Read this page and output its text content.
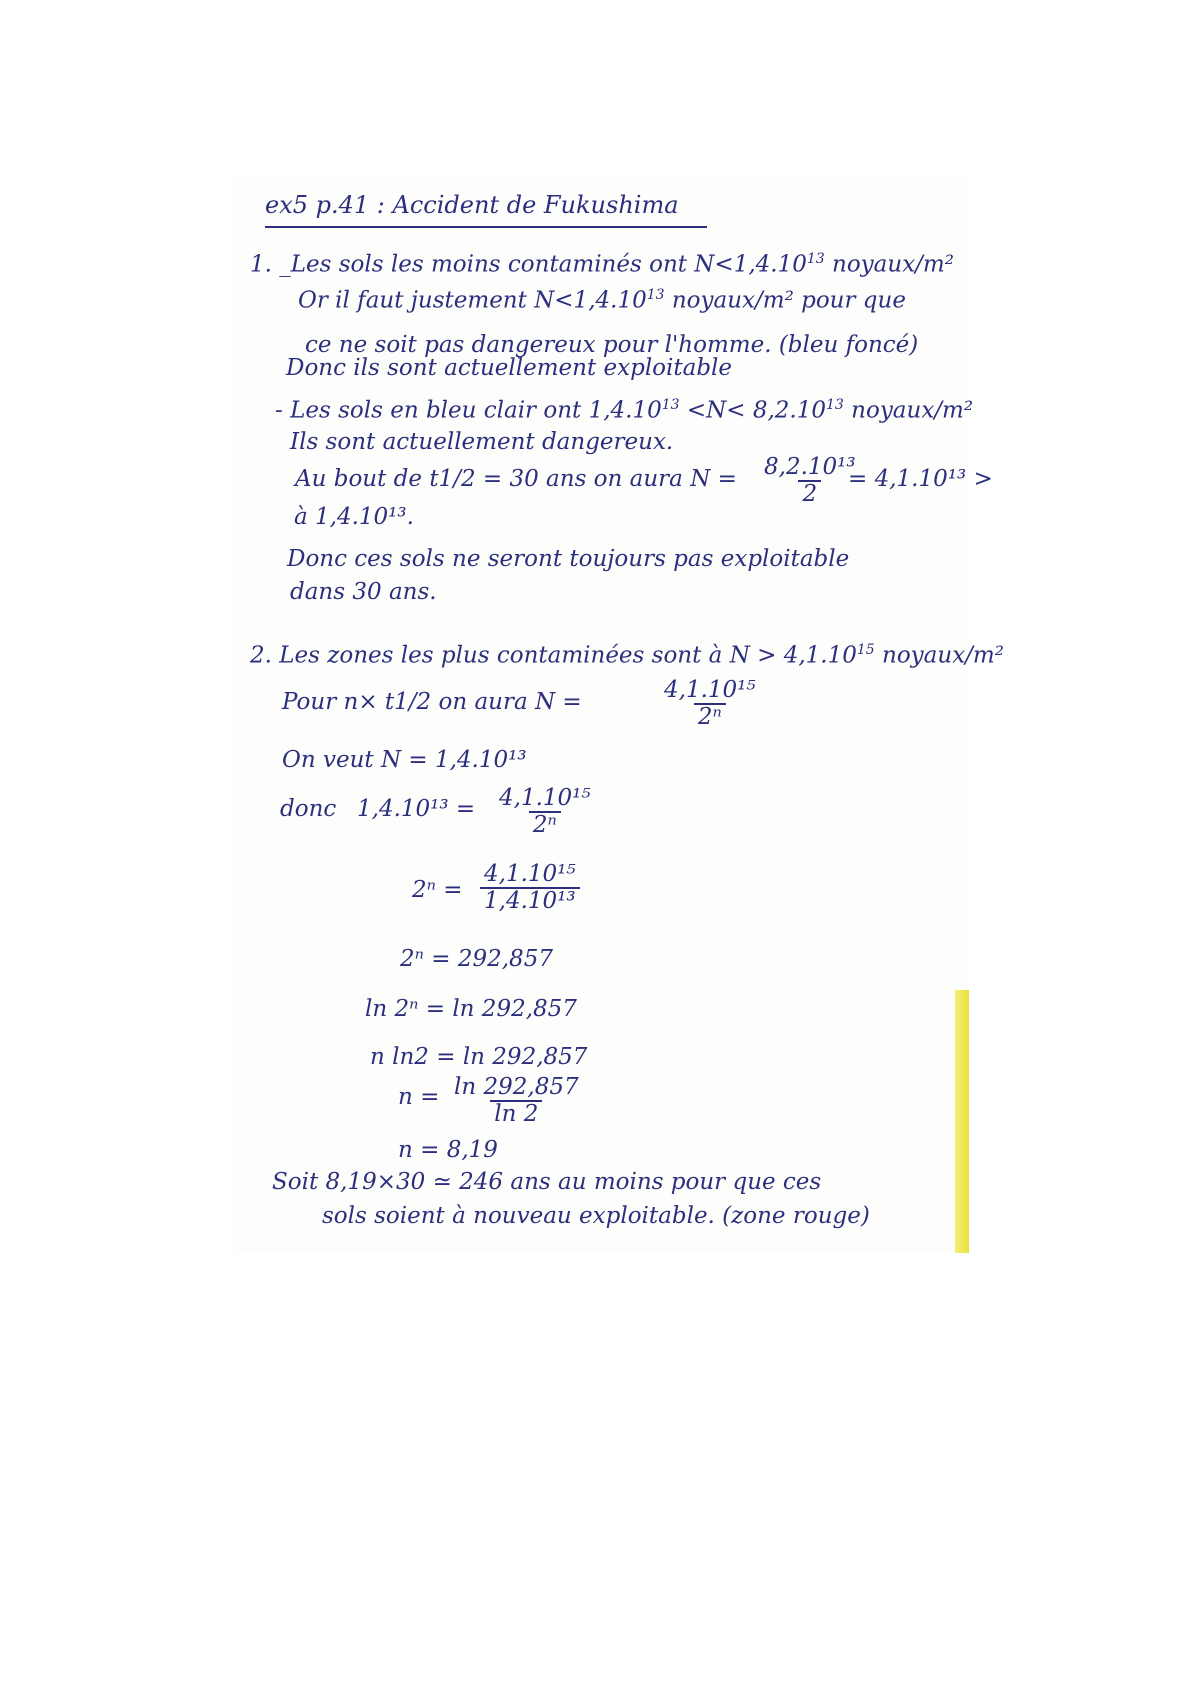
ex5 p.41 : Accident de Fukushima
1. _Les sols les moins contaminés ont $N<1,4.10^{13}$ noyaux/m²
Or il faut justement $N<1,4.10^{13}$ noyaux/m² pour que
ce ne soit pas dangereux pour l'homme. (bleu foncé)
Donc ils sont actuellement exploitable
- Les sols en bleu clair ont $1,4.10^{13} <N< 8,2.10^{13}$ noyaux/m²
Ils sont actuellement dangereux.
Au bout de t1/2 = 30 ans on aura $N = \frac{\text{8,2.10¹³}}{2}$
= 4,1.10¹³ >
à 1,4.10¹³.
Donc ces sols ne seront toujours pas exploitable
dans 30 ans.
2. Les zones les plus contaminées sont à $N > 4,1.10^{15}$ noyaux/m²
Pour n× t1/2 on aura N =	$\frac{\text{4,1.10¹⁵}}{\text{2ⁿ}}$
On veut N = 1,4.10¹³
donc $1,4.10^{13} = \frac{\text{4,1.10¹⁵}}{\text{2ⁿ}}$
$2^n = \frac{\text{4,1.10¹⁵}}{\text{1,4.10¹³}}$
2ⁿ = 292,857
ln 2ⁿ = ln 292,857
n ln2 = ln 292,857
$n = \frac{\ln 292,857}{\ln 2}$
n = 8,19
Soit 8,19×30 ≃ 246 ans au moins pour que ces
sols soient à nouveau exploitable. (zone rouge)
